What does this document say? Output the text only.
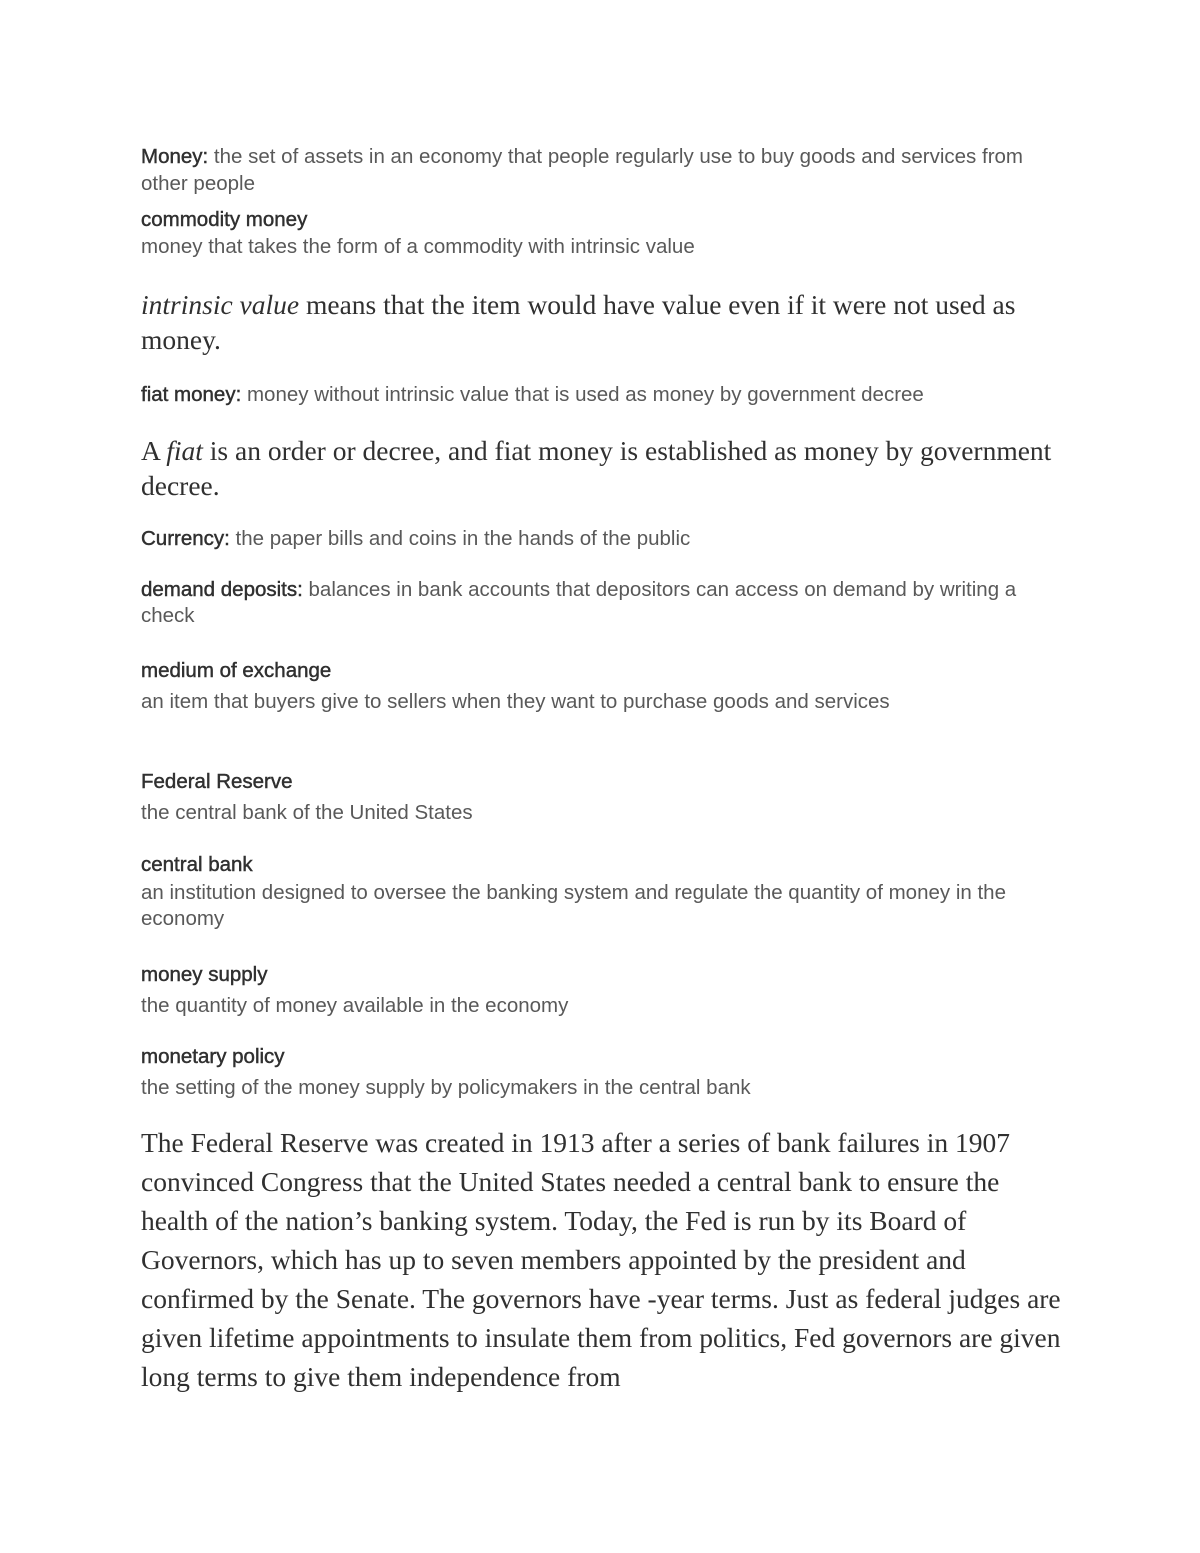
Money: the set of assets in an economy that people regularly use to buy goods and services from other people

commodity money
money that takes the form of a commodity with intrinsic value

intrinsic value means that the item would have value even if it were not used as money.

fiat money: money without intrinsic value that is used as money by government decree

A fiat is an order or decree, and fiat money is established as money by government decree.

Currency: the paper bills and coins in the hands of the public

demand deposits: balances in bank accounts that depositors can access on demand by writing a check

medium of exchange
an item that buyers give to sellers when they want to purchase goods and services
Federal Reserve
the central bank of the United States
central bank
an institution designed to oversee the banking system and regulate the quantity of money in the economy
money supply
the quantity of money available in the economy
monetary policy
the setting of the money supply by policymakers in the central bank

The Federal Reserve was created in 1913 after a series of bank failures in 1907 convinced Congress that the United States needed a central bank to ensure the health of the nation’s banking system. Today, the Fed is run by its Board of Governors, which has up to seven members appointed by the president and confirmed by the Senate. The governors have -year terms. Just as federal judges are given lifetime appointments to insulate them from politics, Fed governors are given long terms to give them independence from
